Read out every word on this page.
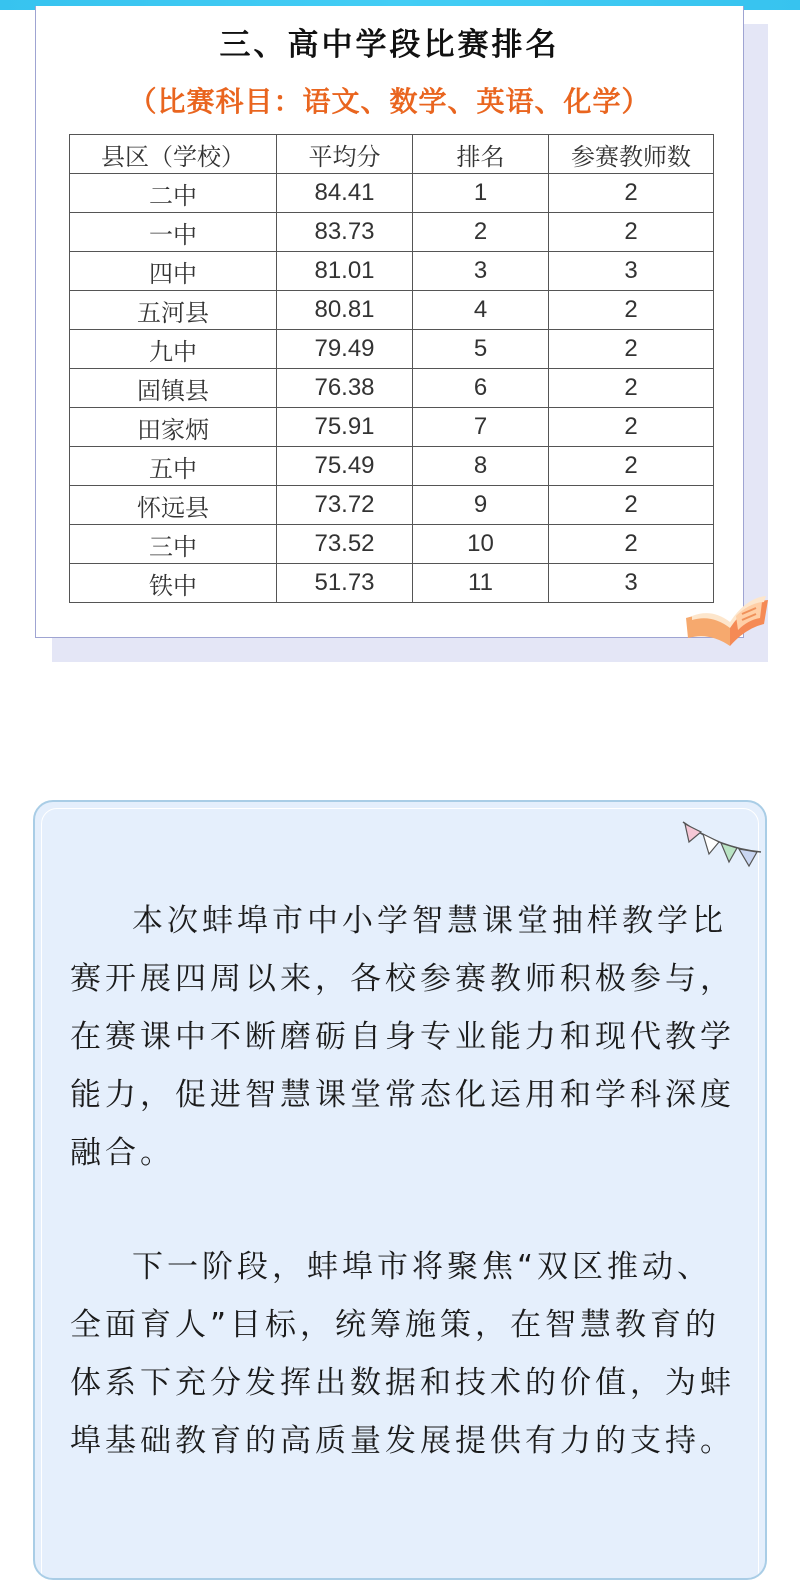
三、高中学段比赛排名
（比赛科目：语文、数学、英语、化学）
县区（学校）	平均分	排名	参赛教师数
二中	84.41	1	2
一中	83.73	2	2
四中	81.01	3	3
五河县	80.81	4	2
九中	79.49	5	2
固镇县	76.38	6	2
田家炳	75.91	7	2
五中	75.49	8	2
怀远县	73.72	9	2
三中	73.52	10	2
铁中	51.73	11	3

本次蚌埠市中小学智慧课堂抽样教学比赛开展四周以来，各校参赛教师积极参与，在赛课中不断磨砺自身专业能力和现代教学能力，促进智慧课堂常态化运用和学科深度融合。

下一阶段，蚌埠市将聚焦“双区推动、全面育人”目标，统筹施策，在智慧教育的体系下充分发挥出数据和技术的价值，为蚌埠基础教育的高质量发展提供有力的支持。
